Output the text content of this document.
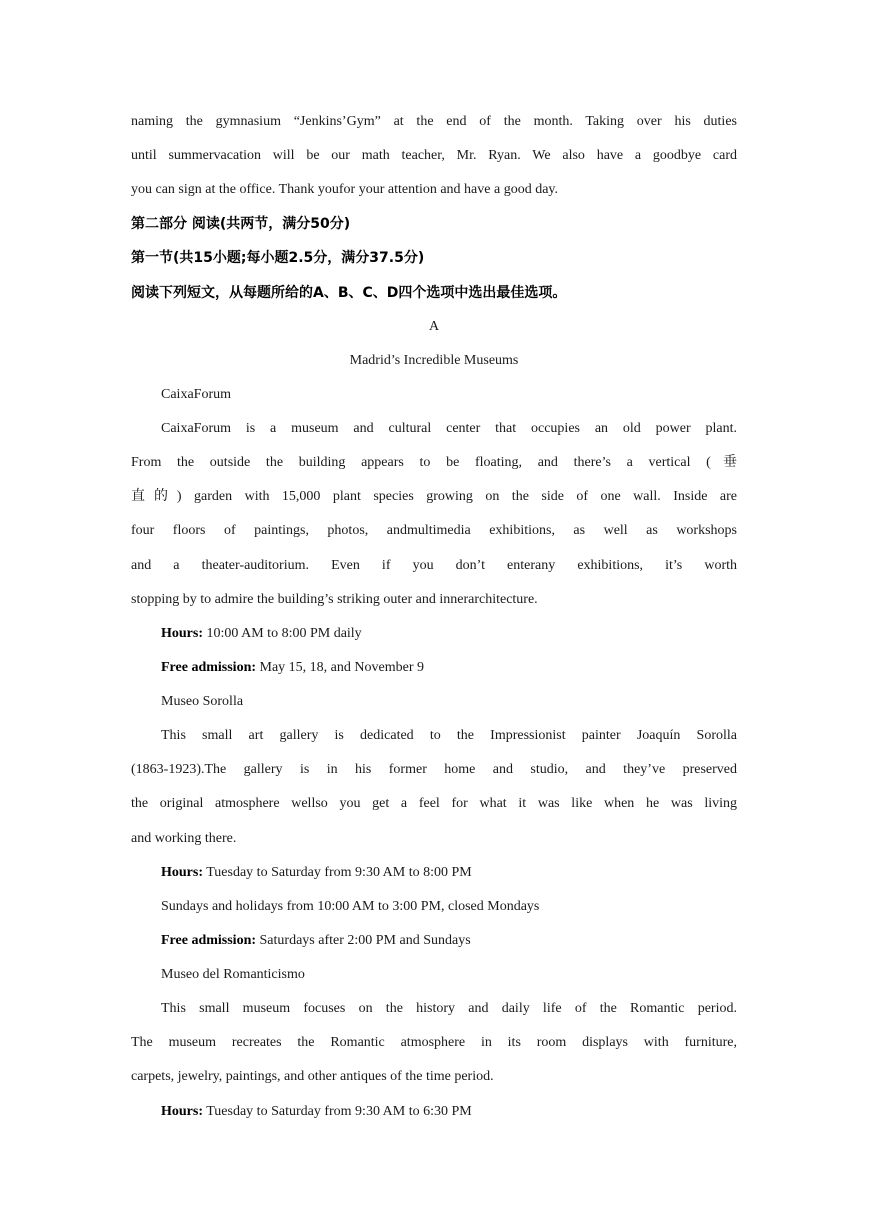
naming the gymnasium “Jenkins’Gym” at the end of the month. Taking over his duties
until summervacation will be our math teacher, Mr. Ryan. We also have a goodbye card
you can sign at the office. Thank youfor your attention and have a good day.
第二部分 阅读(共两节，满分50分)
第一节(共15小题;每小题2.5分，满分37.5分)
阅读下列短文，从每题所给的A、B、C、D四个选项中选出最佳选项。
A
Madrid’s Incredible Museums
CaixaForum
CaixaForum is a museum and cultural center that occupies an old power plant.
From the outside the building appears to be floating, and there’s a vertical (垂
直的) garden with 15,000 plant species growing on the side of one wall. Inside are
four floors of paintings, photos, andmultimedia exhibitions, as well as workshops
and a theater-auditorium. Even if you don’t enterany exhibitions, it’s worth
stopping by to admire the building’s striking outer and innerarchitecture.
Hours: 10:00 AM to 8:00 PM daily
Free admission: May 15, 18, and November 9
Museo Sorolla
This small art gallery is dedicated to the Impressionist painter Joaquín Sorolla
(1863-1923).The gallery is in his former home and studio, and they’ve preserved
the original atmosphere wellso you get a feel for what it was like when he was living
and working there.
Hours: Tuesday to Saturday from 9:30 AM to 8:00 PM
Sundays and holidays from 10:00 AM to 3:00 PM, closed Mondays
Free admission: Saturdays after 2:00 PM and Sundays
Museo del Romanticismo
This small museum focuses on the history and daily life of the Romantic period.
The museum recreates the Romantic atmosphere in its room displays with furniture,
carpets, jewelry, paintings, and other antiques of the time period.
Hours: Tuesday to Saturday from 9:30 AM to 6:30 PM
